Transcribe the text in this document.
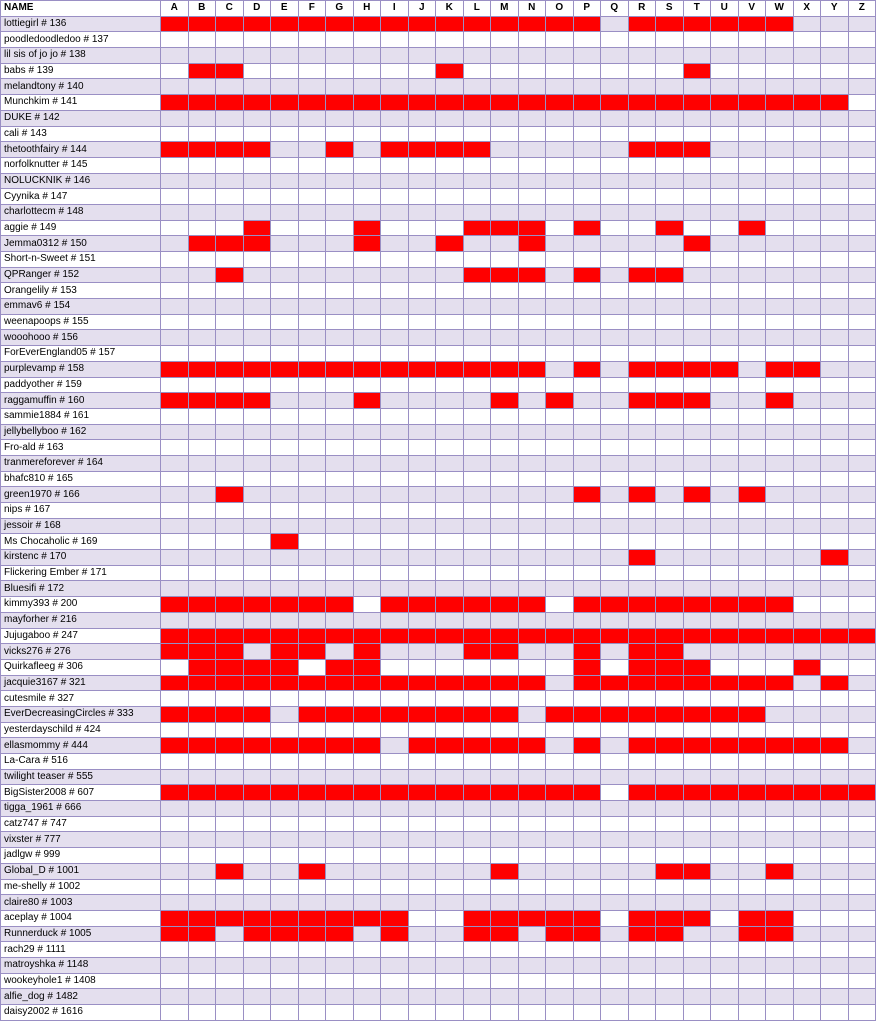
NAME	A	B	C	D	E	F	G	H	I	J	K	L	M	N	O	P	Q	R	S	T	U	V	W	X	Y	Z
lottiegirl # 136																										
poodledoodledoo # 137																										
lil sis of jo jo # 138																										
babs # 139																										
melandtony # 140																										
Munchkim # 141																										
DUKE # 142																										
cali # 143																										
thetoothfairy # 144																										
norfolknutter # 145																										
NOLUCKNIK # 146																										
Cyynika # 147																										
charlottecm # 148																										
aggie # 149																										
Jemma0312 # 150																										
Short-n-Sweet # 151																										
QPRanger # 152																										
Orangelily # 153																										
emmav6 # 154																										
weenapoops # 155																										
wooohooo # 156																										
ForEverEngland05 # 157																										
purplevamp # 158																										
paddyother # 159																										
raggamuffin # 160																										
sammie1884 # 161																										
jellybellyboo # 162																										
Fro-ald # 163																										
tranmereforever # 164																										
bhafc810 # 165																										
green1970 # 166																										
nips # 167																										
jessoir # 168																										
Ms Chocaholic # 169																										
kirstenc # 170																										
Flickering Ember # 171																										
Bluesifi # 172																										
kimmy393 # 200																										
mayforher # 216																										
Jujugaboo # 247																										
vicks276 # 276																										
Quirkafleeg # 306																										
jacquie3167 # 321																										
cutesmile # 327																										
EverDecreasingCircles # 333																										
yesterdayschild # 424																										
ellasmommy # 444																										
La-Cara # 516																										
twilight teaser # 555																										
BigSister2008 # 607																										
tigga_1961 # 666																										
catz747 # 747																										
vixster # 777																										
jadlgw # 999																										
Global_D # 1001																										
me-shelly # 1002																										
claire80 # 1003																										
aceplay # 1004																										
Runnerduck # 1005																										
rach29 # 1111																										
matroyshka # 1148																										
wookeyhole1 # 1408																										
alfie_dog # 1482																										
daisy2002 # 1616																										
